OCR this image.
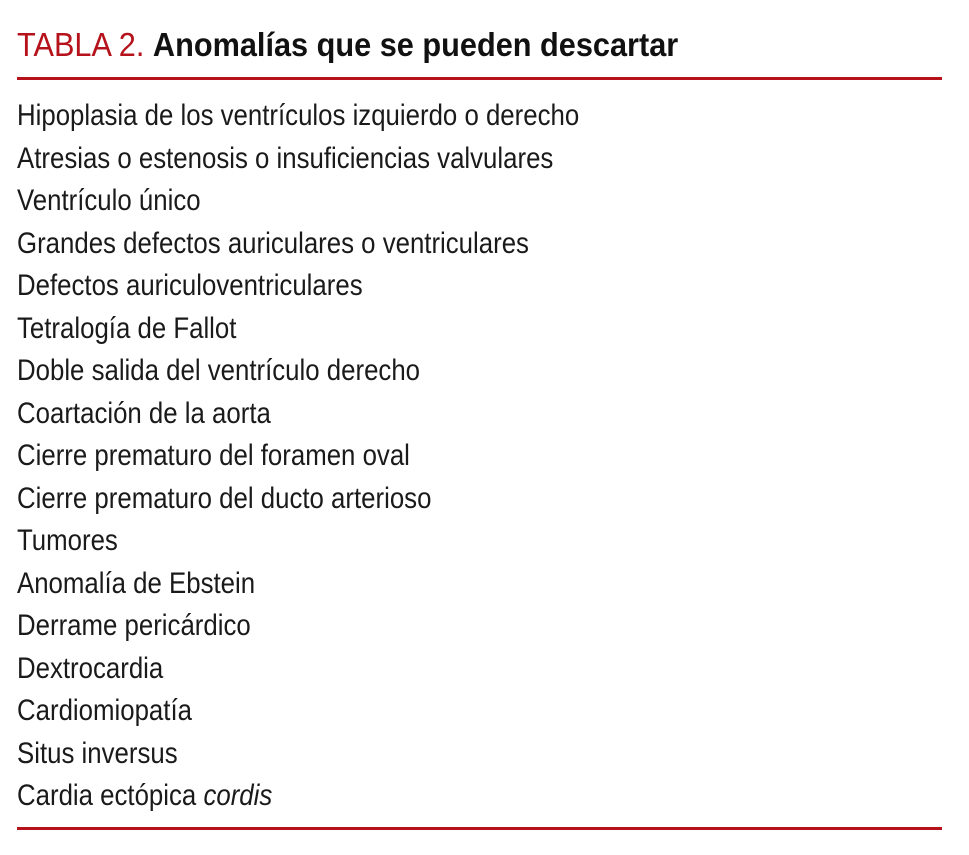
TABLA 2. Anomalías que se pueden descartar
Hipoplasia de los ventrículos izquierdo o derecho
Atresias o estenosis o insuficiencias valvulares
Ventrículo único
Grandes defectos auriculares o ventriculares
Defectos auriculoventriculares
Tetralogía de Fallot
Doble salida del ventrículo derecho
Coartación de la aorta
Cierre prematuro del foramen oval
Cierre prematuro del ducto arterioso
Tumores
Anomalía de Ebstein
Derrame pericárdico
Dextrocardia
Cardiomiopatía
Situs inversus
Cardia ectópica cordis
